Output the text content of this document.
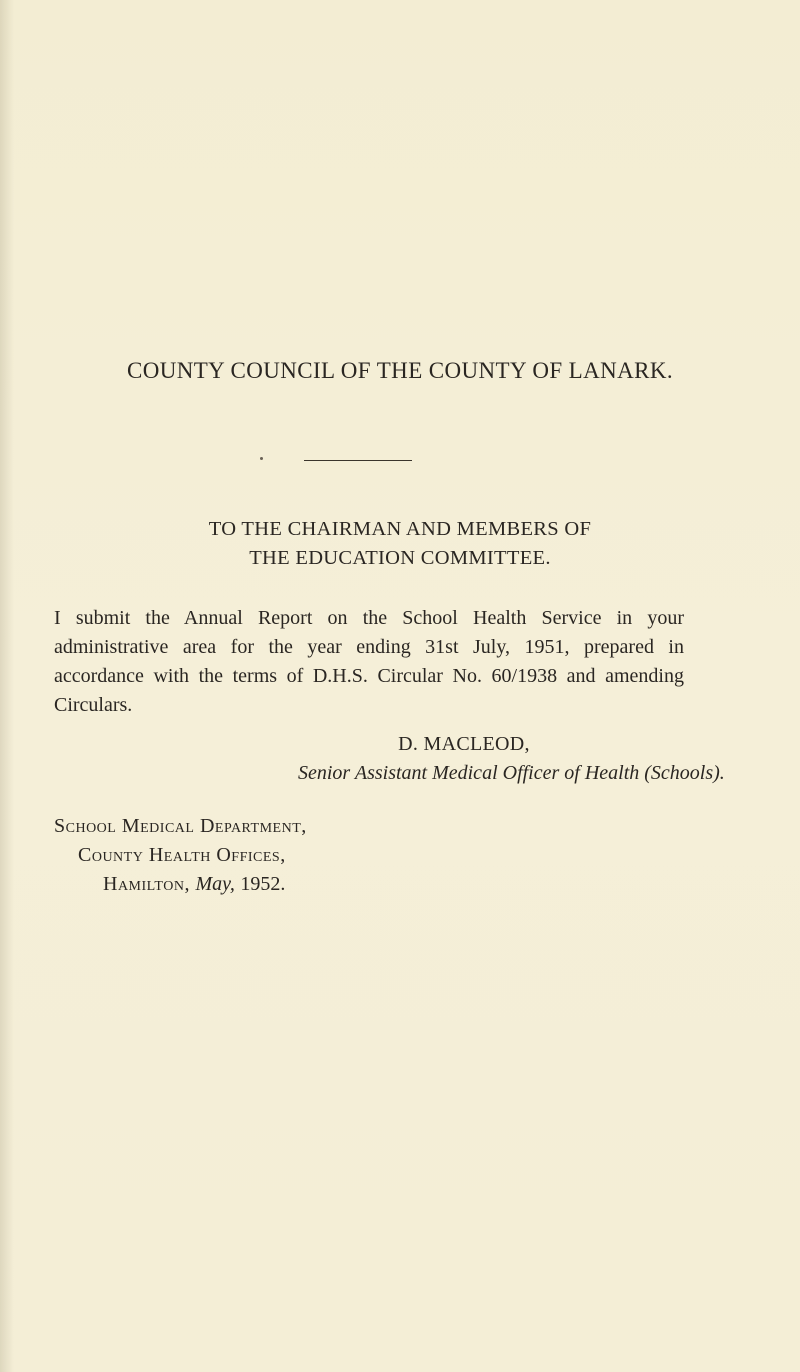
COUNTY COUNCIL OF THE COUNTY OF LANARK.
TO THE CHAIRMAN AND MEMBERS OF
THE EDUCATION COMMITTEE.
I submit the Annual Report on the School Health Service in your administrative area for the year ending 31st July, 1951, prepared in accordance with the terms of D.H.S. Circular No. 60/1938 and amending Circulars.
D. MACLEOD,
Senior Assistant Medical Officer of Health (Schools).
School Medical Department,
County Health Offices,
Hamilton, May, 1952.
